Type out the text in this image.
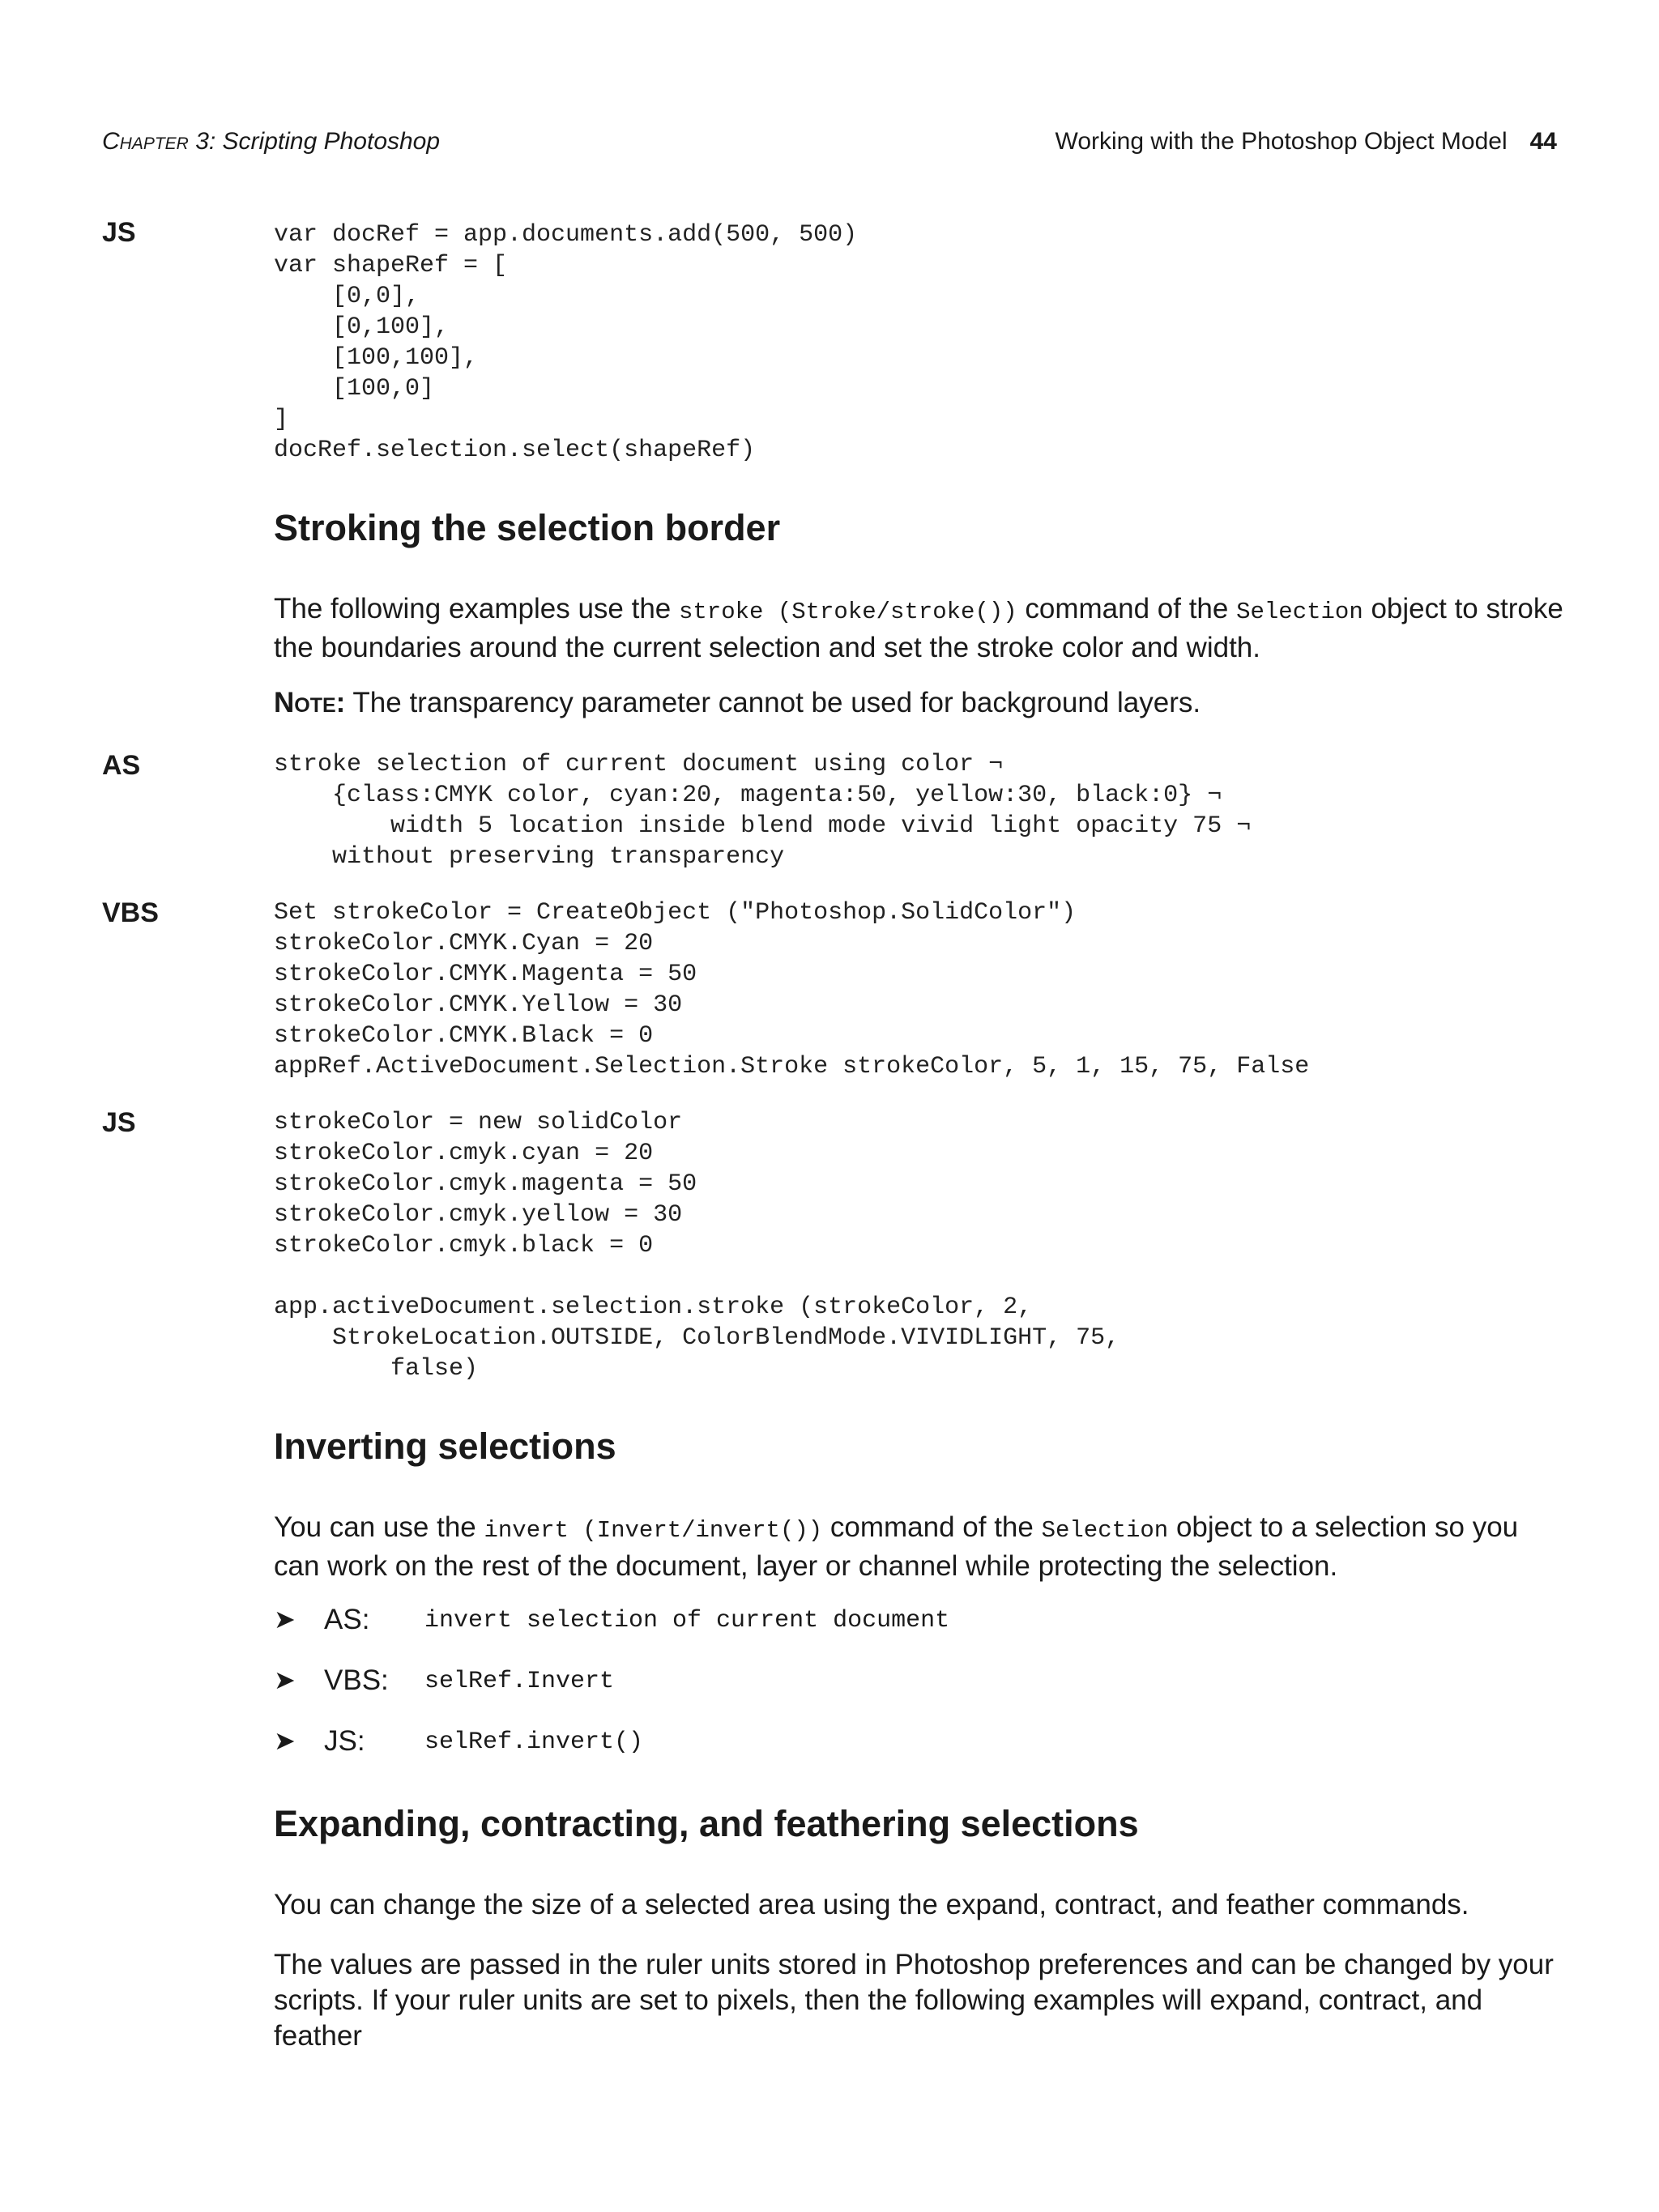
Chapter 3: Scripting Photoshop	Working with the Photoshop Object Model 44
JS	var docRef = app.documents.add(500, 500)
var shapeRef = [
[0,0],
[0,100],
[100,100],
[100,0]
]
docRef.selection.select(shapeRef)
Stroking the selection border

The following examples use the stroke (Stroke/stroke()) command of the Selection object to stroke the boundaries around the current selection and set the stroke color and width.

Note: The transparency parameter cannot be used for background layers.

AS	stroke selection of current document using color ¬
{class:CMYK color, cyan:20, magenta:50, yellow:30, black:0} ¬
width 5 location inside blend mode vivid light opacity 75 ¬
without preserving transparency
VBS	Set strokeColor = CreateObject ("Photoshop.SolidColor")
strokeColor.CMYK.Cyan = 20
strokeColor.CMYK.Magenta = 50
strokeColor.CMYK.Yellow = 30
strokeColor.CMYK.Black = 0
appRef.ActiveDocument.Selection.Stroke strokeColor, 5, 1, 15, 75, False
JS	strokeColor = new solidColor
strokeColor.cmyk.cyan = 20
strokeColor.cmyk.magenta = 50
strokeColor.cmyk.yellow = 30
strokeColor.cmyk.black = 0

app.activeDocument.selection.stroke (strokeColor, 2,
StrokeLocation.OUTSIDE, ColorBlendMode.VIVIDLIGHT, 75,
false)
Inverting selections

You can use the invert (Invert/invert()) command of the Selection object to a selection so you can work on the rest of the document, layer or channel while protecting the selection.

➤ AS: invert selection of current document
➤ VBS: selRef.Invert
➤ JS: selRef.invert()
Expanding, contracting, and feathering selections

You can change the size of a selected area using the expand, contract, and feather commands.

The values are passed in the ruler units stored in Photoshop preferences and can be changed by your scripts. If your ruler units are set to pixels, then the following examples will expand, contract, and feather
